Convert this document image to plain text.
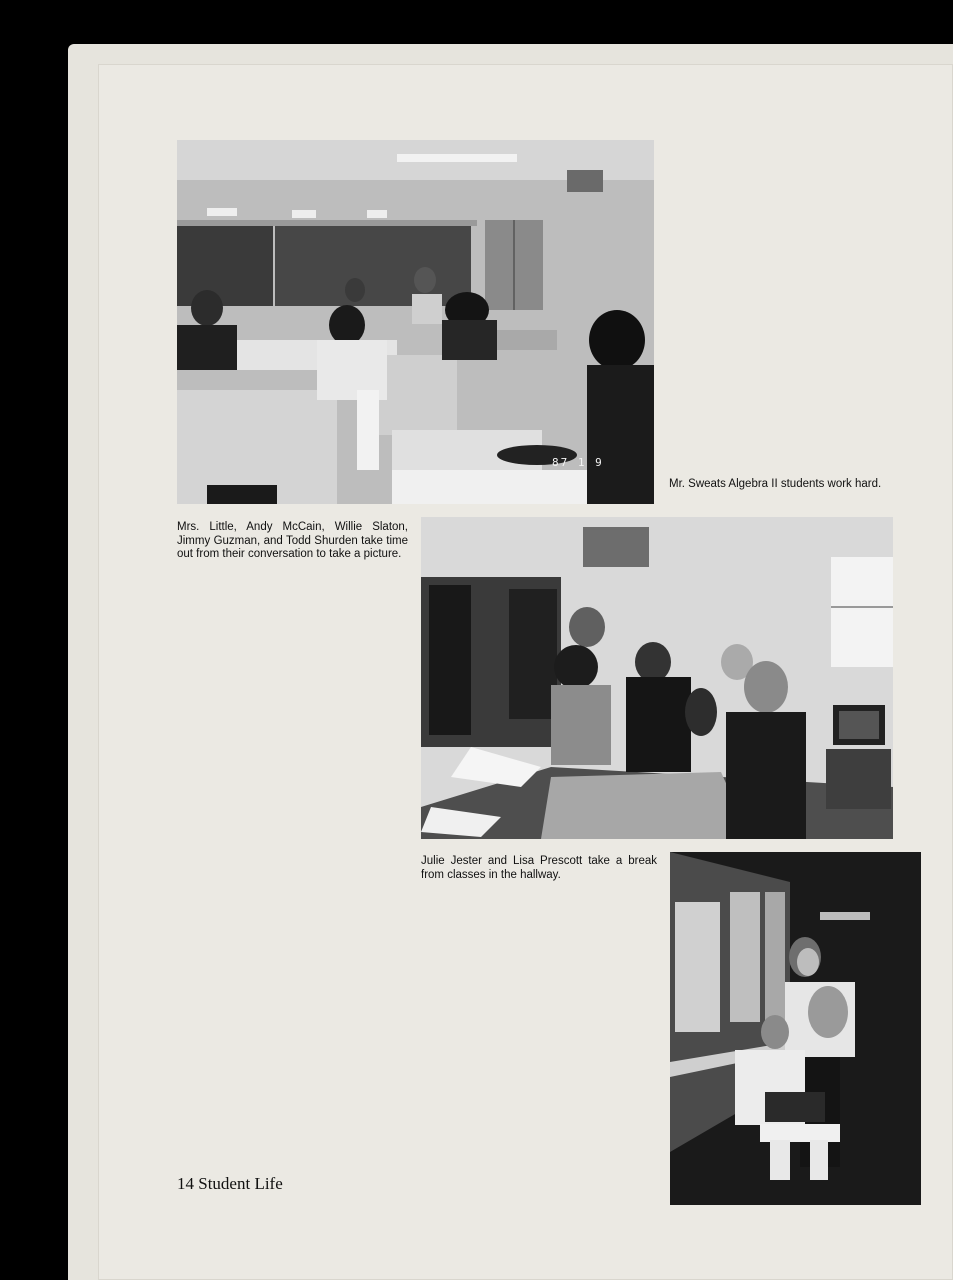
87 1 9

Mr. Sweats Algebra II students work hard.

Mrs. Little, Andy McCain, Willie Slaton, Jimmy Guzman, and Todd Shurden take time out from their conversation to take a picture.

Julie Jester and Lisa Prescott take a break from classes in the hallway.

14 Student Life
